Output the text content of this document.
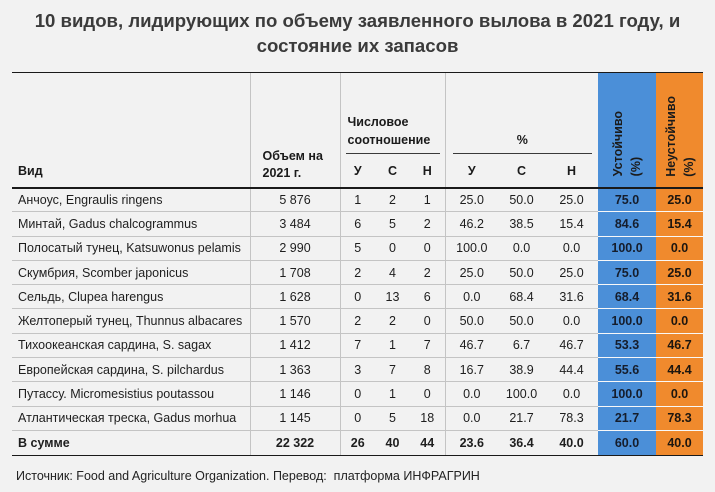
10 видов, лидирующих по объему заявленного вылова в 2021 году, и
состояние их запасов
Вид	Объем на 2021 г.	Числовое соотношение			%			Устойчиво (%)	Неустойчиво (%)

		У	С	Н	У	С	Н		
Анчоус, Engraulis ringens	5 876	1	2	1	25.0	50.0	25.0	75.0	25.0
Минтай, Gadus chalcogrammus	3 484	6	5	2	46.2	38.5	15.4	84.6	15.4
Полосатый тунец, Katsuwonus pelamis	2 990	5	0	0	100.0	0.0	0.0	100.0	0.0
Скумбрия, Scomber japonicus	1 708	2	4	2	25.0	50.0	25.0	75.0	25.0
Сельдь, Clupea harengus	1 628	0	13	6	0.0	68.4	31.6	68.4	31.6
Желтоперый тунец, Thunnus albacares	1 570	2	2	0	50.0	50.0	0.0	100.0	0.0
Тихоокеанская сардина, S. sagax	1 412	7	1	7	46.7	6.7	46.7	53.3	46.7
Европейская сардина, S. pilchardus	1 363	3	7	8	16.7	38.9	44.4	55.6	44.4
Путассу. Micromesistius poutassou	1 146	0	1	0	0.0	100.0	0.0	100.0	0.0
Атлантическая треска, Gadus morhua	1 145	0	5	18	0.0	21.7	78.3	21.7	78.3
В сумме	22 322	26	40	44	23.6	36.4	40.0	60.0	40.0
Источник: Food and Agriculture Organization. Перевод:  платформа ИНФРАГРИН
